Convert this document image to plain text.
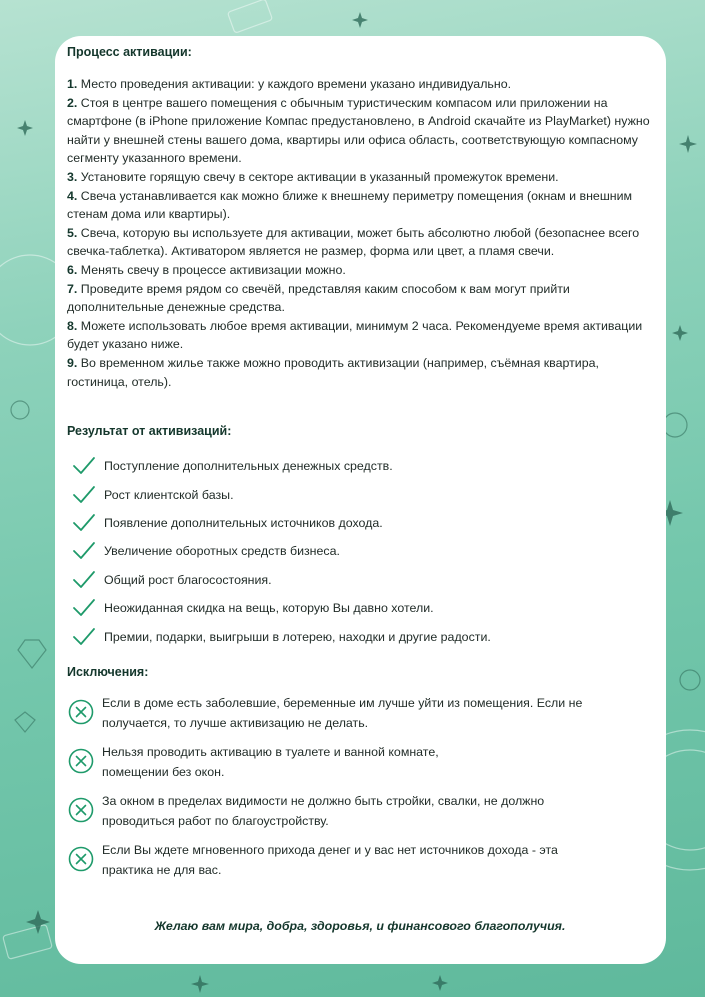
Процесс активации:

1. Место проведения активации: у каждого времени указано индивидуально.

2. Стоя в центре вашего помещения с обычным туристическим компасом или приложении на смартфоне (в iPhone приложение Компас предустановлено, в Android скачайте из PlayMarket) нужно найти у внешней стены вашего дома, квартиры или офиса область, соответствующую компасному сегменту указанного времени.

3. Установите горящую свечу в секторе активации в указанный промежуток времени.

4. Свеча устанавливается как можно ближе к внешнему периметру помещения (окнам и внешним стенам дома или квартиры).

5. Свеча, которую вы используете для активации, может быть абсолютно любой (безопаснее всего свечка-таблетка). Активатором является не размер, форма или цвет, а пламя свечи.

6. Менять свечу в процессе активизации можно.

7. Проведите время рядом со свечёй, представляя каким способом к вам могут прийти дополнительные денежные средства.

8. Можете использовать любое время активации, минимум 2 часа. Рекомендуеме время активации будет указано ниже.

9. Во временном жилье также можно проводить активизации (например, съёмная квартира, гостиница, отель).

Результат от активизаций:

Поступление дополнительных денежных средств.
Рост клиентской базы.
Появление дополнительных источников дохода.
Увеличение оборотных средств бизнеса.
Общий рост благосостояния.
Неожиданная скидка на вещь, которую Вы давно хотели.
Премии, подарки, выигрыши в лотерею, находки и другие радости.

Исключения:

Если в доме есть заболевшие, беременные им лучше уйти из помещения. Если не
получается, то лучше активизацию не делать.
Нельзя проводить активацию в туалете и ванной комнате,
помещении без окон.
За окном в пределах видимости не должно быть стройки, свалки, не должно
проводиться работ по благоустройству.
Если Вы ждете мгновенного прихода денег и у вас нет источников дохода - эта
практика не для вас.

Желаю вам мира, добра, здоровья, и финансового благополучия.
